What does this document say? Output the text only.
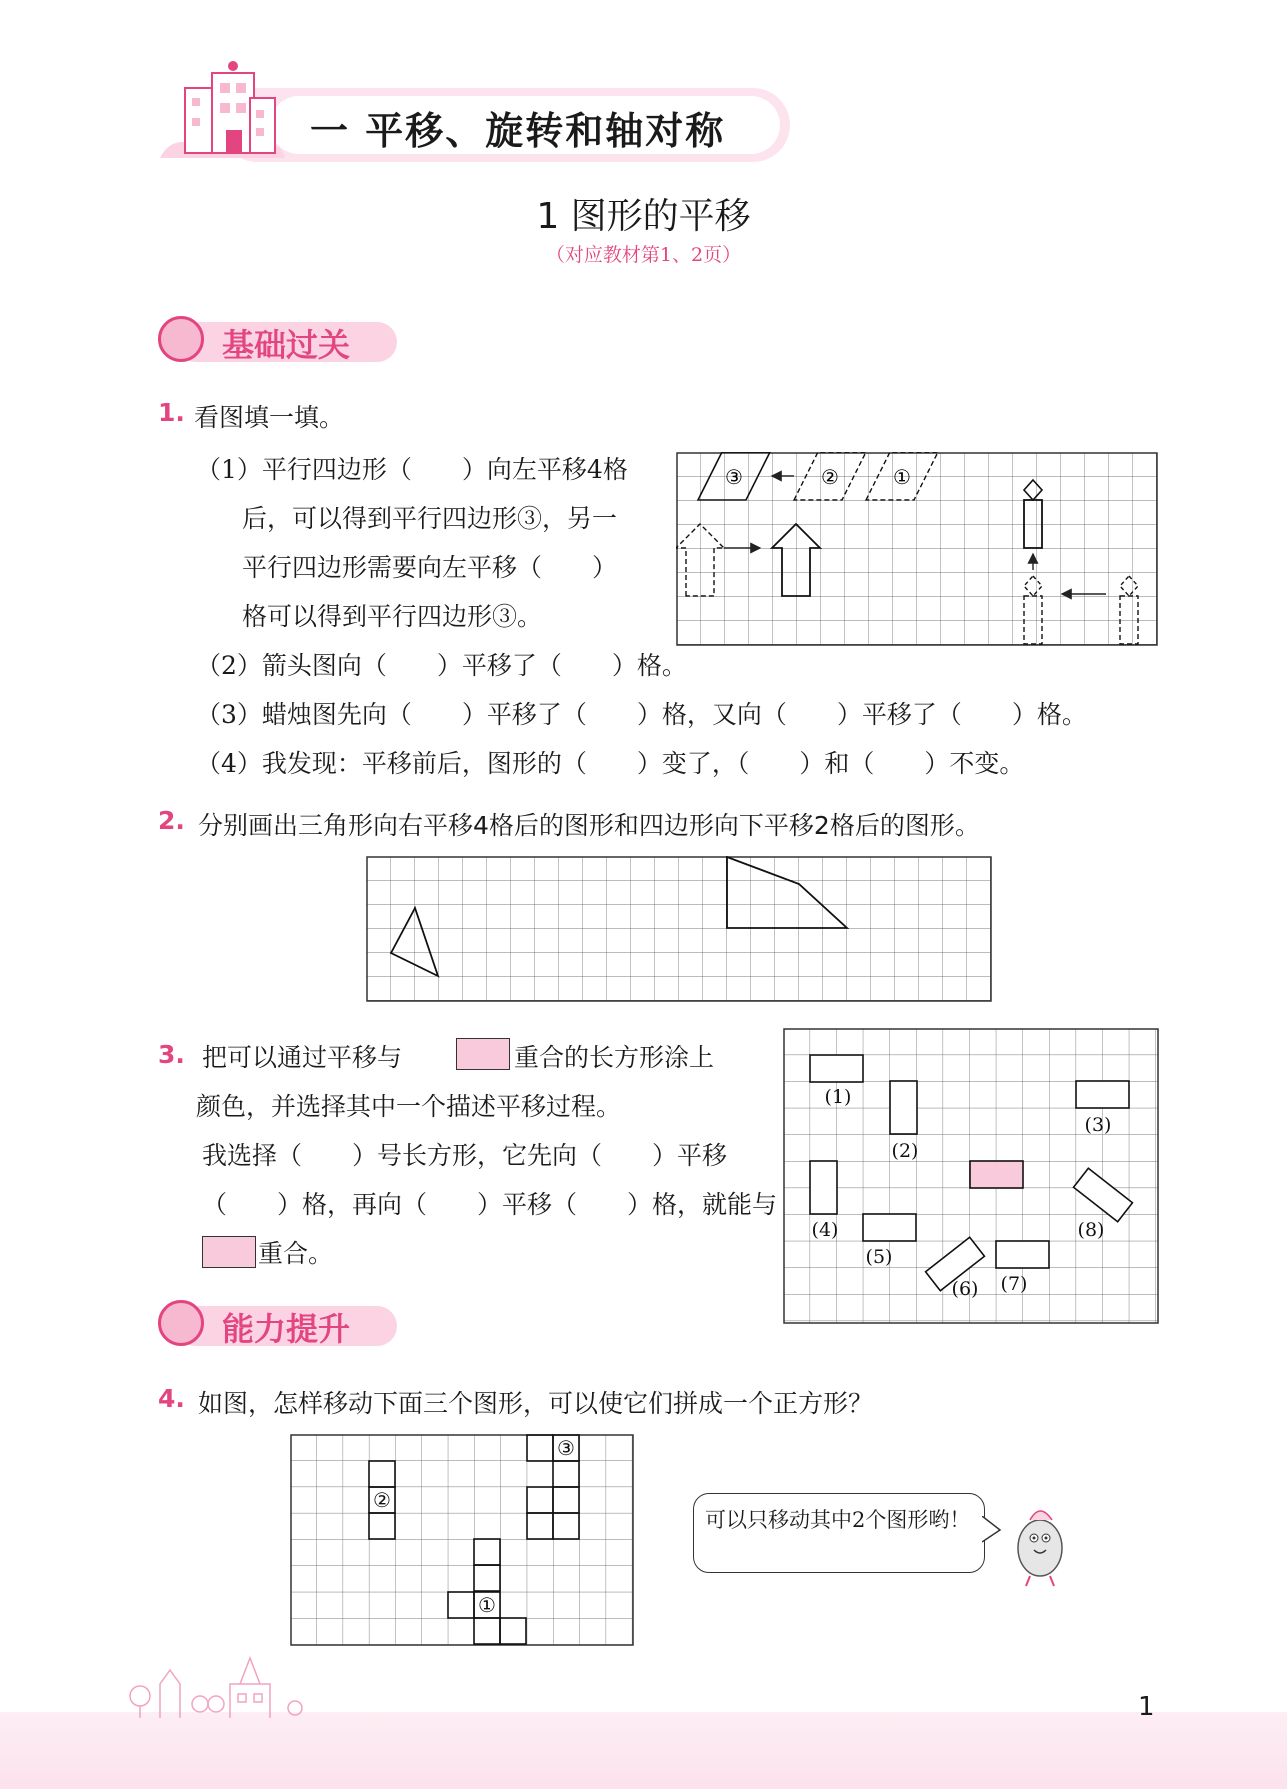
一 平移、旋转和轴对称
1 图形的平移
（对应教材第1、2页）
基础过关
1. 看图填一填。
（1）平行四边形（　　）向左平移4格
后，可以得到平行四边形③，另一
平行四边形需要向左平移（　　）
格可以得到平行四边形③。
（2）箭头图向（　　）平移了（　　）格。
（3）蜡烛图先向（　　）平移了（　　）格，又向（　　）平移了（　　）格。
（4）我发现：平移前后，图形的（　　）变了，（　　）和（　　）不变。
③	②	①
2. 分别画出三角形向右平移4格后的图形和四边形向下平移2格后的图形。
3. 把可以通过平移与	重合的长方形涂上
颜色，并选择其中一个描述平移过程。
我选择（　　）号长方形，它先向（　　）平移
（　　）格，再向（　　）平移（　　）格，就能与
重合。
(1)
(2)
(3)
(4)
(5)
(6) (7)
(8)
能力提升
4. 如图，怎样移动下面三个图形，可以使它们拼成一个正方形？
②
③
①
可以只移动其中2个图形哟！
1
